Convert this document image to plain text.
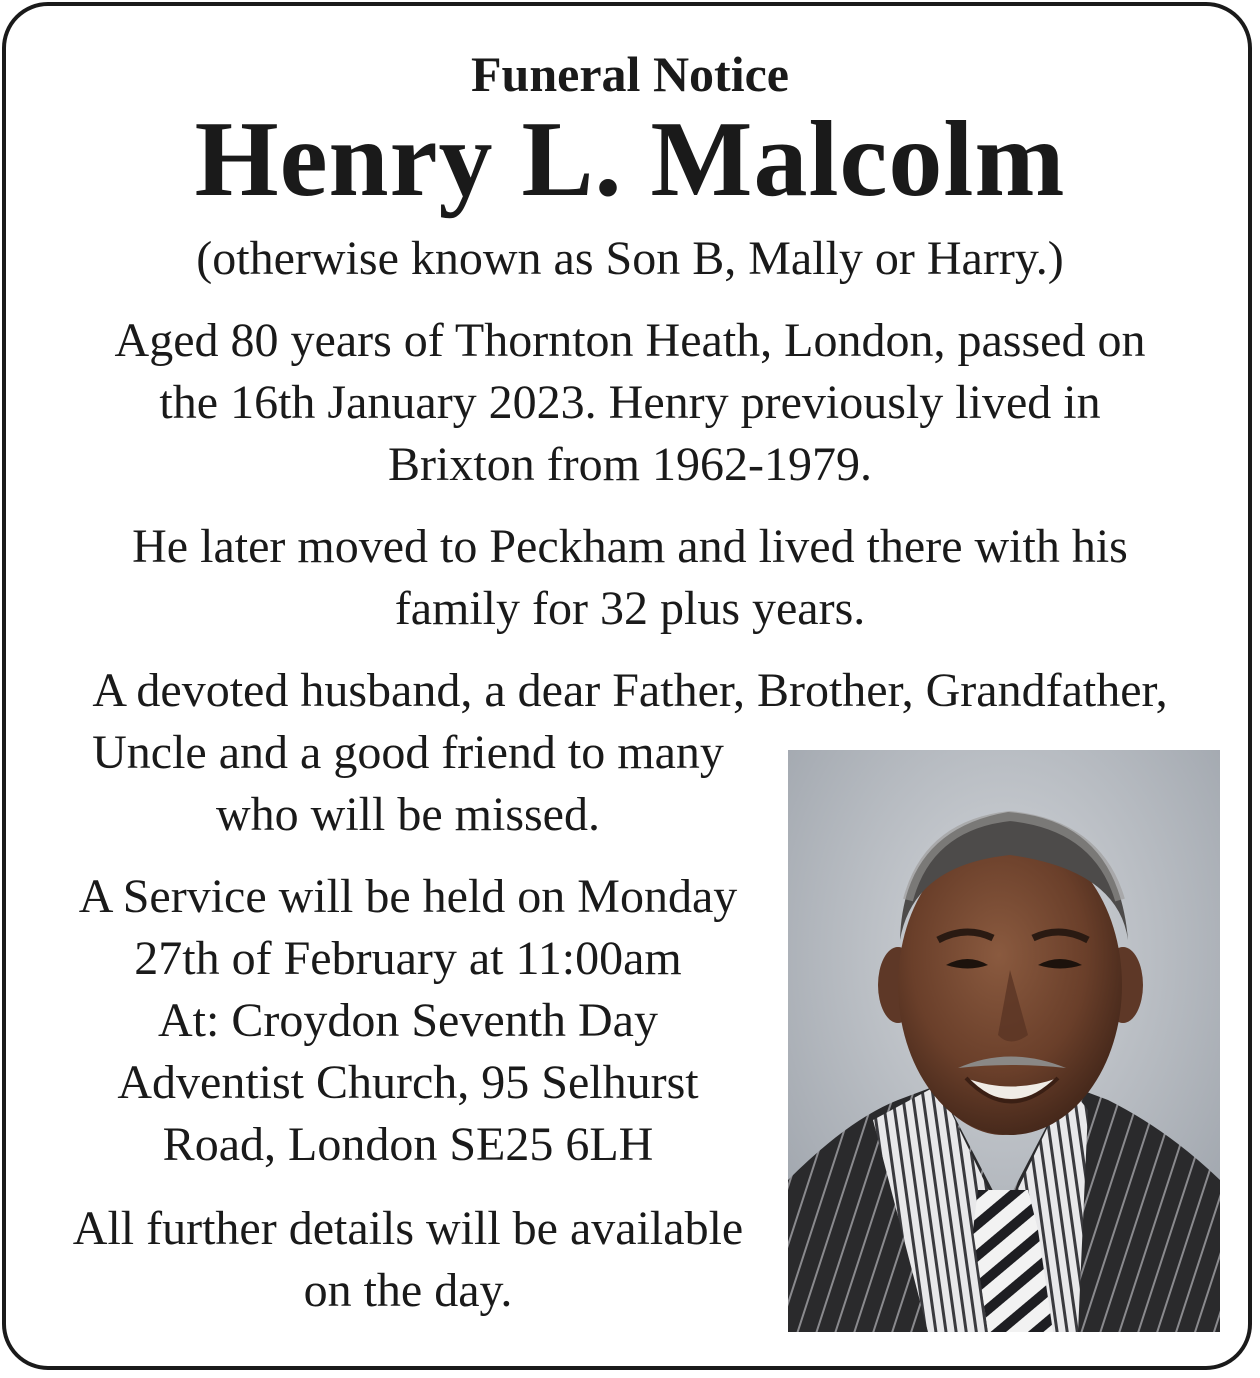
Funeral Notice
Henry L. Malcolm
(otherwise known as Son B, Mally or Harry.)
Aged 80 years of Thornton Heath, London, passed on
the 16th January 2023. Henry previously lived in
Brixton from 1962-1979.
He later moved to Peckham and lived there with his
family for 32 plus years.
A devoted husband, a dear Father, Brother, Grandfather,
Uncle and a good friend to many
who will be missed.
A Service will be held on Monday
27th of February at 11:00am
At: Croydon Seventh Day
Adventist Church, 95 Selhurst
Road, London SE25 6LH
All further details will be available
on the day.
